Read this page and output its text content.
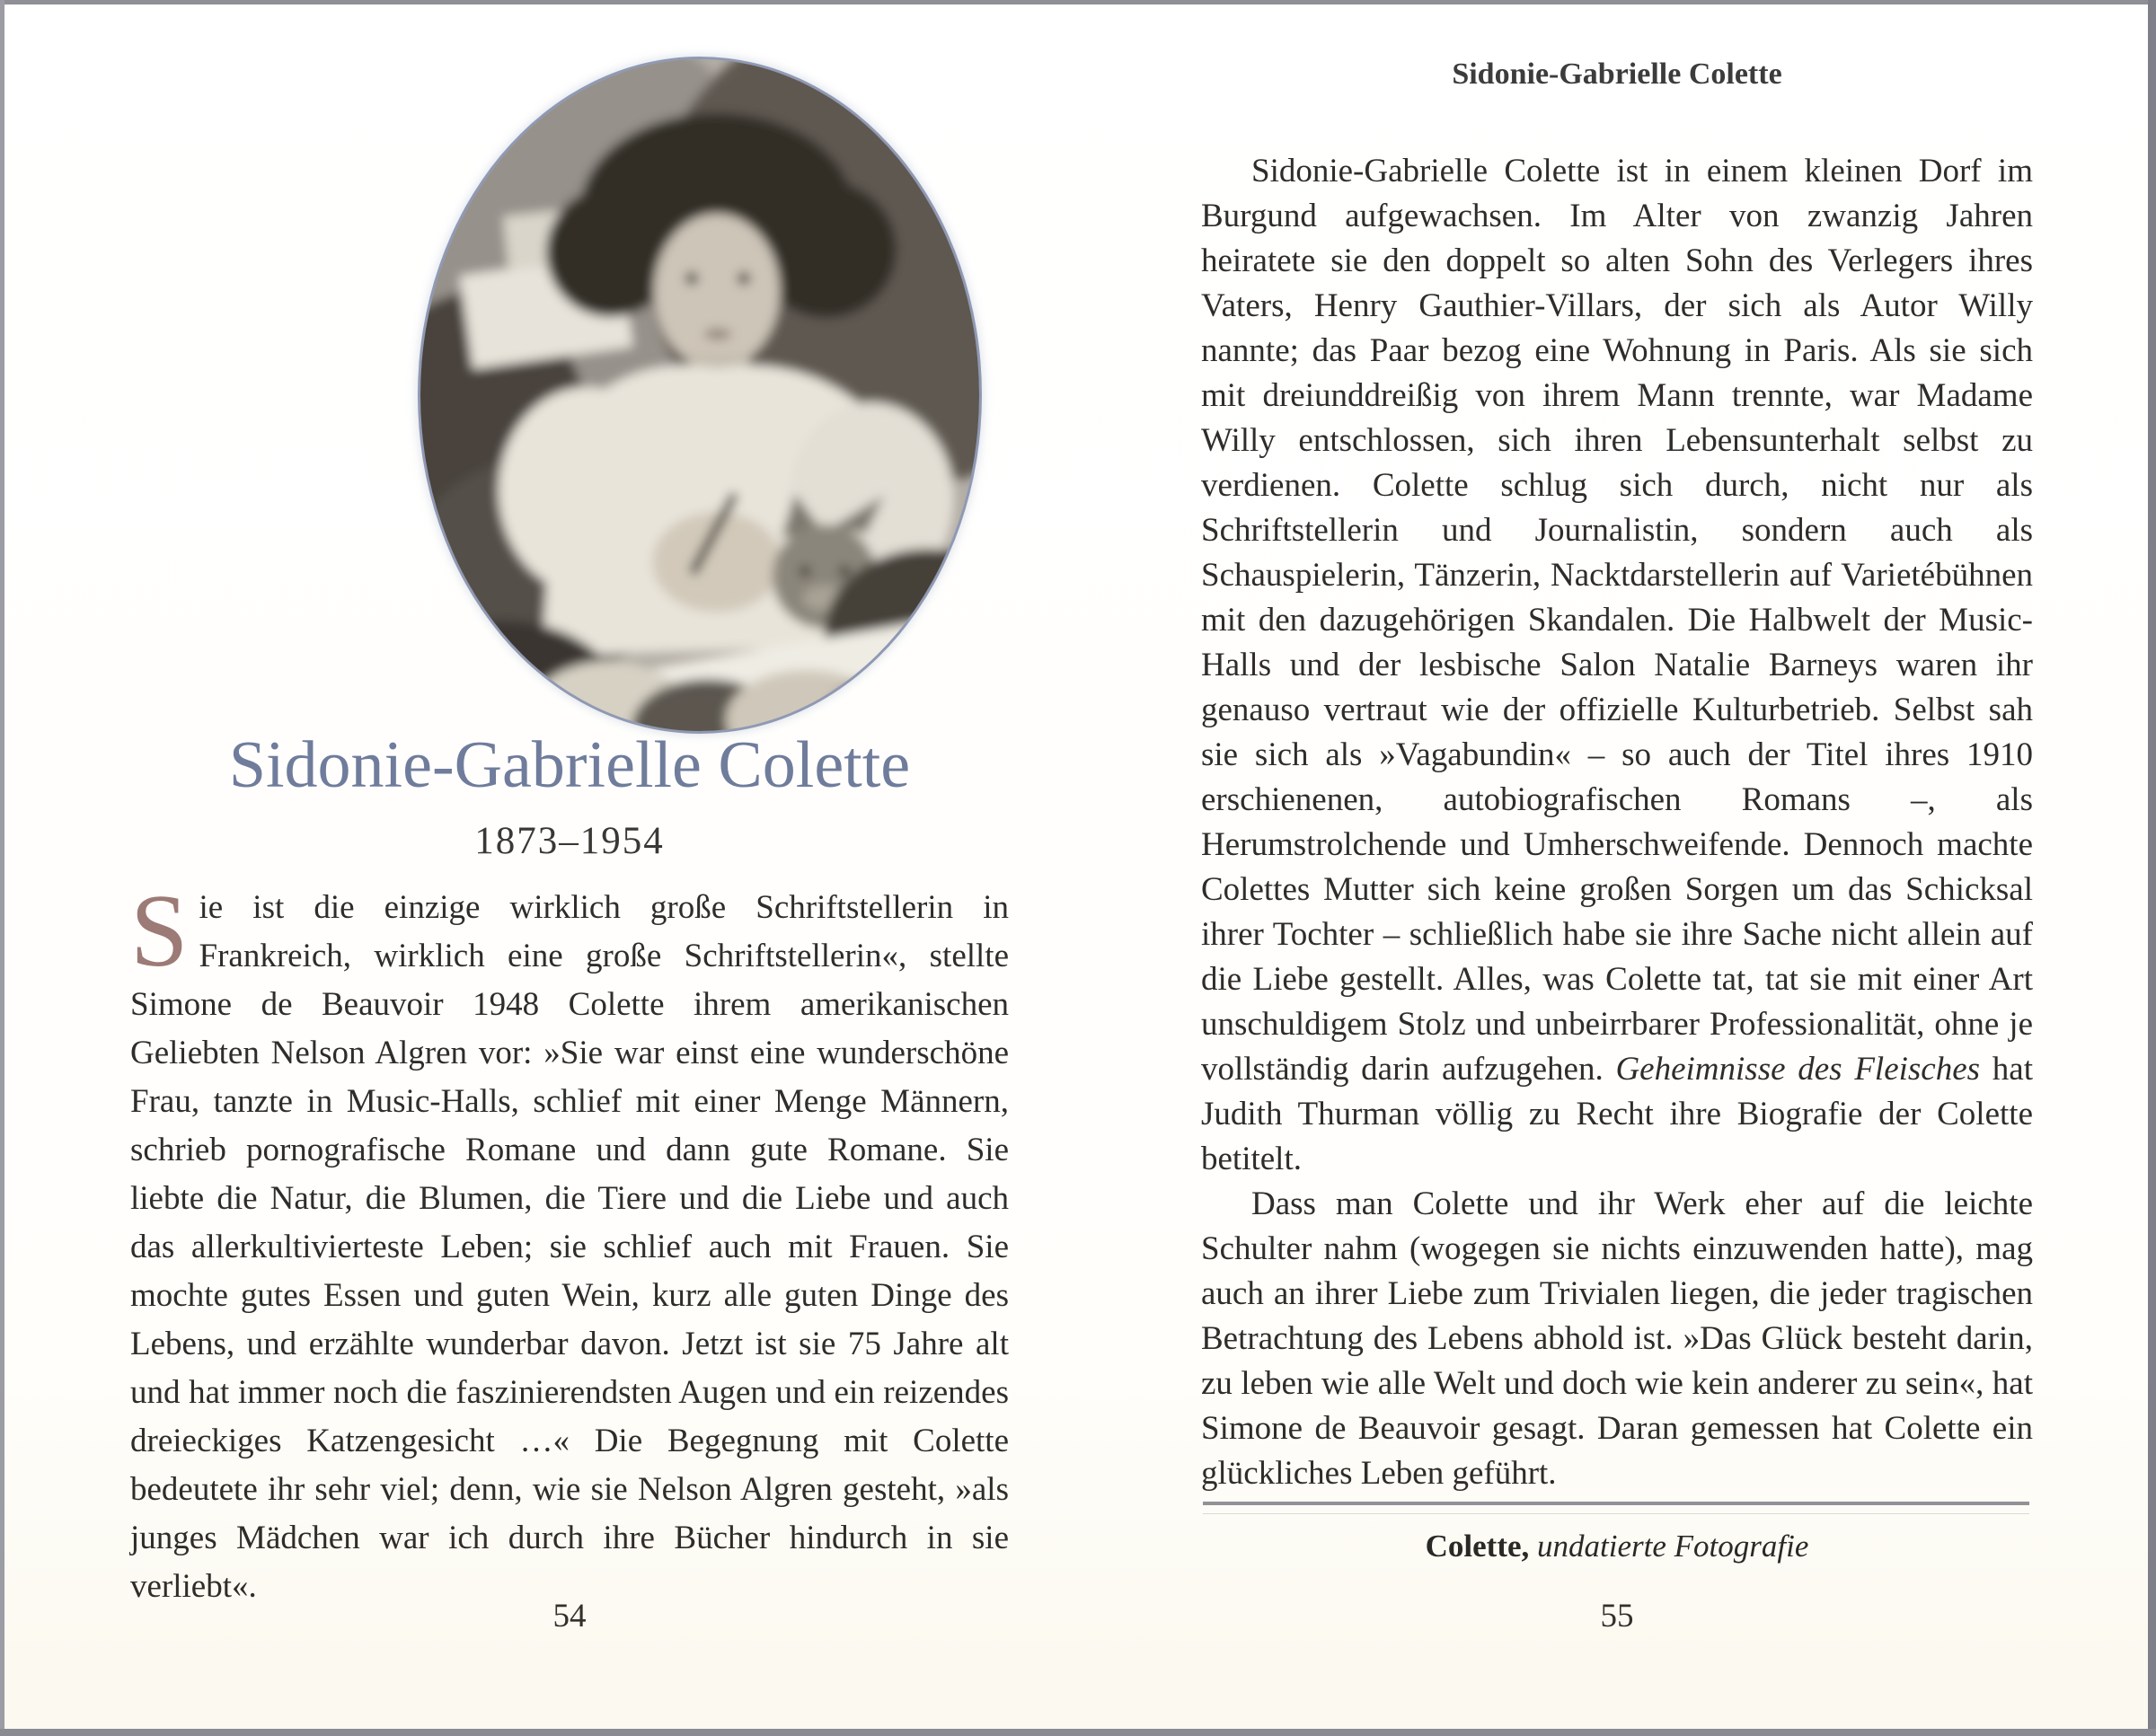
Sidonie-Gabrielle Colette
1873–1954

Sie ist die einzige wirklich große Schriftstellerin in Frankreich, wirklich eine große Schriftstellerin«, stellte Simone de Beauvoir 1948 Colette ihrem amerikanischen Geliebten Nelson Algren vor: »Sie war einst eine wunderschöne Frau, tanzte in Music-Halls, schlief mit einer Menge Männern, schrieb pornografische Romane und dann gute Romane. Sie liebte die Natur, die Blumen, die Tiere und die Liebe und auch das allerkultivierteste Leben; sie schlief auch mit Frauen. Sie mochte gutes Essen und guten Wein, kurz alle guten Dinge des Lebens, und erzählte wunderbar davon. Jetzt ist sie 75 Jahre alt und hat immer noch die faszinierendsten Augen und ein reizendes dreieckiges Katzengesicht …« Die Begegnung mit Colette bedeutete ihr sehr viel; denn, wie sie Nelson Algren gesteht, »als junges Mädchen war ich durch ihre Bücher hindurch in sie verliebt«.

54
Sidonie-Gabrielle Colette

Sidonie-Gabrielle Colette ist in einem kleinen Dorf im Burgund aufgewachsen. Im Alter von zwanzig Jahren heiratete sie den doppelt so alten Sohn des Verlegers ihres Vaters, Henry Gauthier-Villars, der sich als Autor Willy nannte; das Paar bezog eine Wohnung in Paris. Als sie sich mit dreiunddreißig von ihrem Mann trennte, war Madame Willy entschlossen, sich ihren Lebensunterhalt selbst zu verdienen. Colette schlug sich durch, nicht nur als Schriftstellerin und Journalistin, sondern auch als Schauspielerin, Tänzerin, Nacktdarstellerin auf Varietébühnen mit den dazugehörigen Skandalen. Die Halbwelt der Music-Halls und der lesbische Salon Natalie Barneys waren ihr genauso vertraut wie der offizielle Kulturbetrieb. Selbst sah sie sich als »Vagabundin« – so auch der Titel ihres 1910 erschienenen, autobiografischen Romans –, als Herumstrolchende und Umherschweifende. Dennoch machte Colettes Mutter sich keine großen Sorgen um das Schicksal ihrer Tochter – schließlich habe sie ihre Sache nicht allein auf die Liebe gestellt. Alles, was Colette tat, tat sie mit einer Art unschuldigem Stolz und unbeirrbarer Professionalität, ohne je vollständig darin aufzugehen. Geheimnisse des Fleisches hat Judith Thurman völlig zu Recht ihre Biografie der Colette betitelt.

Dass man Colette und ihr Werk eher auf die leichte Schulter nahm (wogegen sie nichts einzuwenden hatte), mag auch an ihrer Liebe zum Trivialen liegen, die jeder tragischen Betrachtung des Lebens abhold ist. »Das Glück besteht darin, zu leben wie alle Welt und doch wie kein anderer zu sein«, hat Simone de Beauvoir gesagt. Daran gemessen hat Colette ein glückliches Leben geführt.

Colette, undatierte Fotografie
55
